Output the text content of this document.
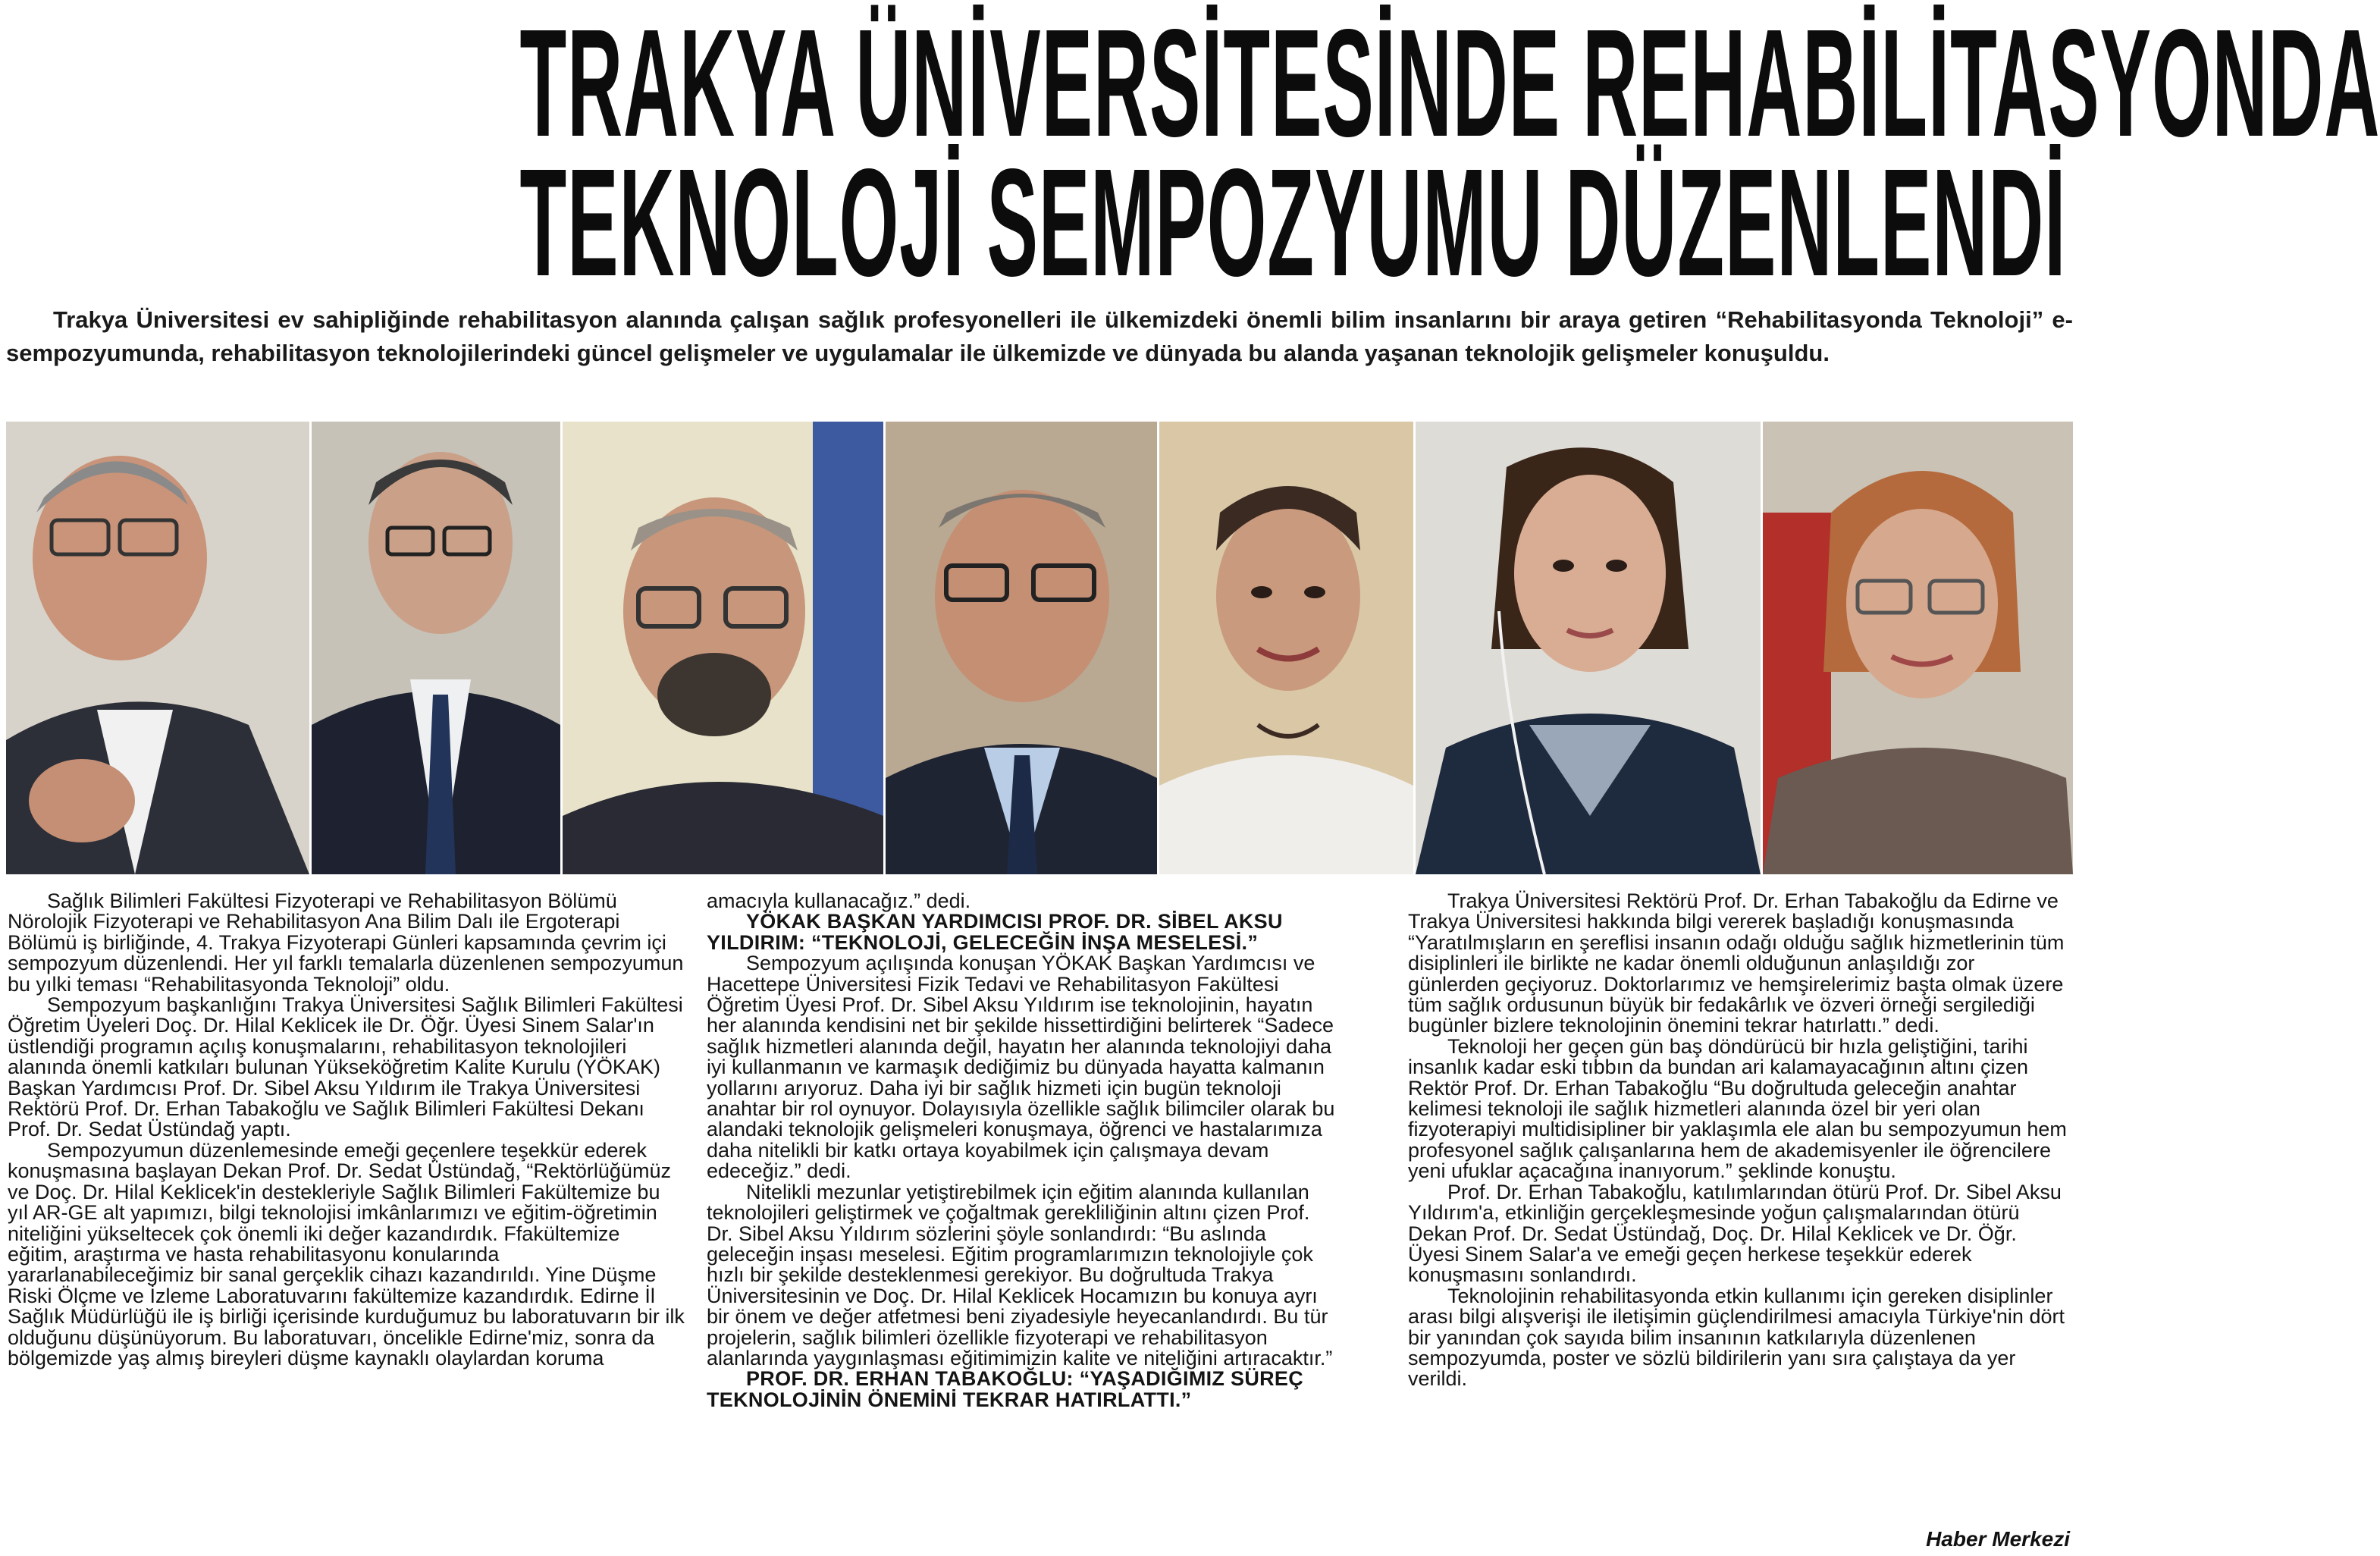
TRAKYA ÜNİVERSİTESİNDE REHABİLİTASYONDA
TEKNOLOJİ SEMPOZYUMU DÜZENLENDİ

Trakya Üniversitesi ev sahipliğinde rehabilitasyon alanında çalışan sağlık profesyonelleri ile ülkemizdeki önemli bilim insanlarını bir araya getiren “Rehabilitasyonda Teknoloji” e-sempozyumunda, rehabilitasyon teknolojilerindeki güncel gelişmeler ve uygulamalar ile ülkemizde ve dünyada bu alanda yaşanan teknolojik gelişmeler konuşuldu.

Sağlık Bilimleri Fakültesi Fizyoterapi ve Rehabilitasyon Bölümü Nörolojik Fizyoterapi ve Rehabilitasyon Ana Bilim Dalı ile Ergoterapi Bölümü iş birliğinde, 4. Trakya Fizyoterapi Günleri kapsamında çevrim içi sempozyum düzenlendi. Her yıl farklı temalarla düzenlenen sempozyumun bu yılki teması “Rehabilitasyonda Teknoloji” oldu.

Sempozyum başkanlığını Trakya Üniversitesi Sağlık Bilimleri Fakültesi Öğretim Üyeleri Doç. Dr. Hilal Keklicek ile Dr. Öğr. Üyesi Sinem Salar'ın üstlendiği programın açılış konuşmalarını, rehabilitasyon teknolojileri alanında önemli katkıları bulunan Yükseköğretim Kalite Kurulu (YÖKAK) Başkan Yardımcısı Prof. Dr. Sibel Aksu Yıldırım ile Trakya Üniversitesi Rektörü Prof. Dr. Erhan Tabakoğlu ve Sağlık Bilimleri Fakültesi Dekanı Prof. Dr. Sedat Üstündağ yaptı.

Sempozyumun düzenlemesinde emeği geçenlere teşekkür ederek konuşmasına başlayan Dekan Prof. Dr. Sedat Üstündağ, “Rektörlüğümüz ve Doç. Dr. Hilal Keklicek'in destekleriyle Sağlık Bilimleri Fakültemize bu yıl AR-GE alt yapımızı, bilgi teknolojisi imkânlarımızı ve eğitim-öğretimin niteliğini yükseltecek çok önemli iki değer kazandırdık. Ffakültemize eğitim, araştırma ve hasta rehabilitasyonu konularında yararlanabileceğimiz bir sanal gerçeklik cihazı kazandırıldı. Yine Düşme Riski Ölçme ve İzleme Laboratuvarını fakültemize kazandırdık. Edirne İl Sağlık Müdürlüğü ile iş birliği içerisinde kurduğumuz bu laboratuvarın bir ilk olduğunu düşünüyorum. Bu laboratuvarı, öncelikle Edirne'miz, sonra da bölgemizde yaş almış bireyleri düşme kaynaklı olaylardan koruma

amacıyla kullanacağız.” dedi.

YÖKAK BAŞKAN YARDIMCISI PROF. DR. SİBEL AKSU YILDIRIM: “TEKNOLOJİ, GELECEĞİN İNŞA MESELESİ.”

Sempozyum açılışında konuşan YÖKAK Başkan Yardımcısı ve Hacettepe Üniversitesi Fizik Tedavi ve Rehabilitasyon Fakültesi Öğretim Üyesi Prof. Dr. Sibel Aksu Yıldırım ise teknolojinin, hayatın her alanında kendisini net bir şekilde hissettirdiğini belirterek “Sadece sağlık hizmetleri alanında değil, hayatın her alanında teknolojiyi daha iyi kullanmanın ve karmaşık dediğimiz bu dünyada hayatta kalmanın yollarını arıyoruz. Daha iyi bir sağlık hizmeti için bugün teknoloji anahtar bir rol oynuyor. Dolayısıyla özellikle sağlık bilimciler olarak bu alandaki teknolojik gelişmeleri konuşmaya, öğrenci ve hastalarımıza daha nitelikli bir katkı ortaya koyabilmek için çalışmaya devam edeceğiz.” dedi.

Nitelikli mezunlar yetiştirebilmek için eğitim alanında kullanılan teknolojileri geliştirmek ve çoğaltmak gerekliliğinin altını çizen Prof. Dr. Sibel Aksu Yıldırım sözlerini şöyle sonlandırdı: “Bu aslında geleceğin inşası meselesi. Eğitim programlarımızın teknolojiyle çok hızlı bir şekilde desteklenmesi gerekiyor. Bu doğrultuda Trakya Üniversitesinin ve Doç. Dr. Hilal Keklicek Hocamızın bu konuya ayrı bir önem ve değer atfetmesi beni ziyadesiyle heyecanlandırdı. Bu tür projelerin, sağlık bilimleri özellikle fizyoterapi ve rehabilitasyon alanlarında yaygınlaşması eğitimimizin kalite ve niteliğini artıracaktır.”

PROF. DR. ERHAN TABAKOĞLU: “YAŞADIĞIMIZ SÜREÇ TEKNOLOJİNİN ÖNEMİNİ TEKRAR HATIRLATTI.”

Trakya Üniversitesi Rektörü Prof. Dr. Erhan Tabakoğlu da Edirne ve Trakya Üniversitesi hakkında bilgi vererek başladığı konuşmasında “Yaratılmışların en şereflisi insanın odağı olduğu sağlık hizmetlerinin tüm disiplinleri ile birlikte ne kadar önemli olduğunun anlaşıldığı zor günlerden geçiyoruz. Doktorlarımız ve hemşirelerimiz başta olmak üzere tüm sağlık ordusunun büyük bir fedakârlık ve özveri örneği sergilediği bugünler bizlere teknolojinin önemini tekrar hatırlattı.” dedi.

Teknoloji her geçen gün baş döndürücü bir hızla geliştiğini, tarihi insanlık kadar eski tıbbın da bundan ari kalamayacağının altını çizen Rektör Prof. Dr. Erhan Tabakoğlu “Bu doğrultuda geleceğin anahtar kelimesi teknoloji ile sağlık hizmetleri alanında özel bir yeri olan fizyoterapiyi multidisipliner bir yaklaşımla ele alan bu sempozyumun hem profesyonel sağlık çalışanlarına hem de akademisyenler ile öğrencilere yeni ufuklar açacağına inanıyorum.” şeklinde konuştu.

Prof. Dr. Erhan Tabakoğlu, katılımlarından ötürü Prof. Dr. Sibel Aksu Yıldırım'a, etkinliğin gerçekleşmesinde yoğun çalışmalarından ötürü Dekan Prof. Dr. Sedat Üstündağ, Doç. Dr. Hilal Keklicek ve Dr. Öğr. Üyesi Sinem Salar'a ve emeği geçen herkese teşekkür ederek konuşmasını sonlandırdı.

Teknolojinin rehabilitasyonda etkin kullanımı için gereken disiplinler arası bilgi alışverişi ile iletişimin güçlendirilmesi amacıyla Türkiye'nin dört bir yanından çok sayıda bilim insanının katkılarıyla düzenlenen sempozyumda, poster ve sözlü bildirilerin yanı sıra çalıştaya da yer verildi.

Haber Merkezi
